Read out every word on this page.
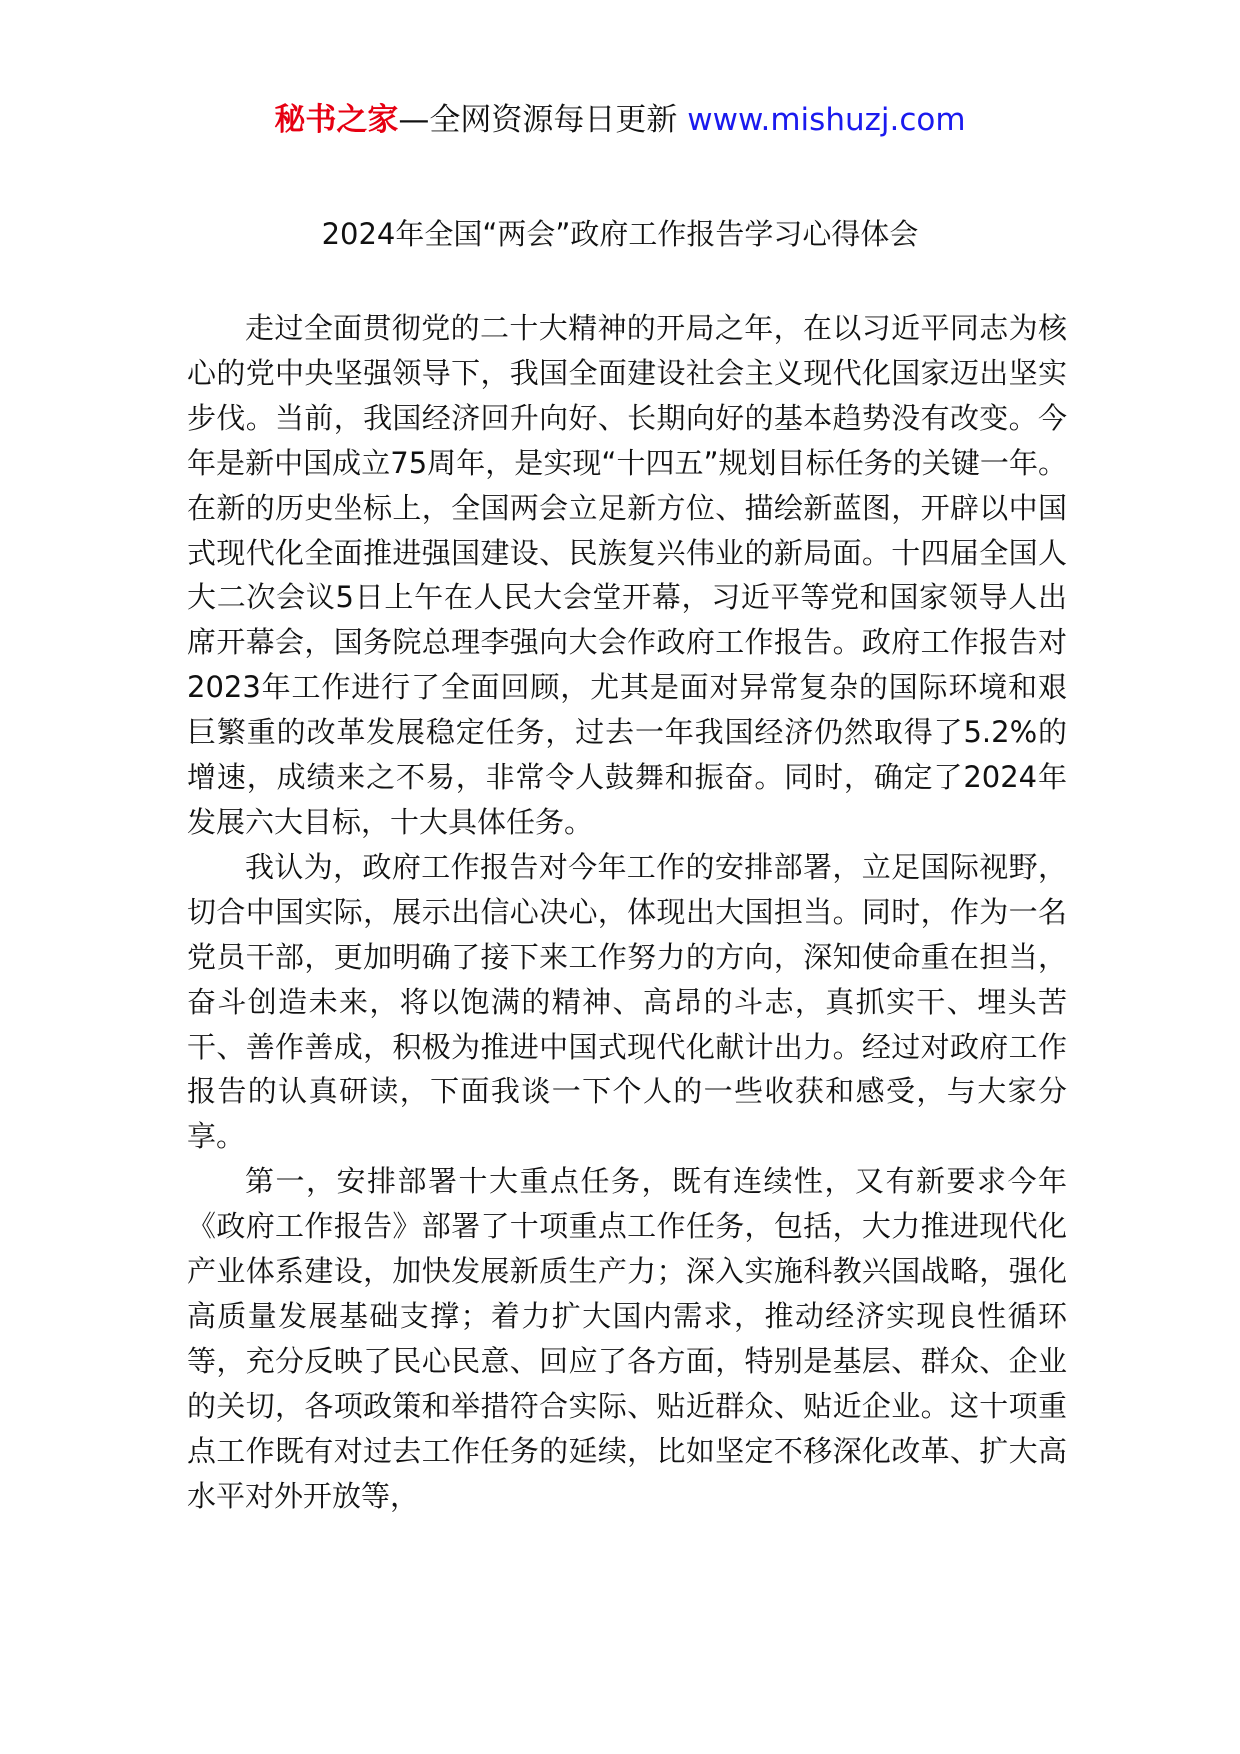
秘书之家—全网资源每日更新 www.mishuzj.com
2024年全国“两会”政府工作报告学习心得体会

走过全面贯彻党的二十大精神的开局之年，在以习近平同志为核心的党中央坚强领导下，我国全面建设社会主义现代化国家迈出坚实步伐。当前，我国经济回升向好、长期向好的基本趋势没有改变。今年是新中国成立75周年，是实现“十四五”规划目标任务的关键一年。在新的历史坐标上，全国两会立足新方位、描绘新蓝图，开辟以中国式现代化全面推进强国建设、民族复兴伟业的新局面。十四届全国人大二次会议5日上午在人民大会堂开幕，习近平等党和国家领导人出席开幕会，国务院总理李强向大会作政府工作报告。政府工作报告对2023年工作进行了全面回顾，尤其是面对异常复杂的国际环境和艰巨繁重的改革发展稳定任务，过去一年我国经济仍然取得了5.2%的增速，成绩来之不易，非常令人鼓舞和振奋。同时，确定了2024年发展六大目标，十大具体任务。

我认为，政府工作报告对今年工作的安排部署，立足国际视野，切合中国实际，展示出信心决心，体现出大国担当。同时，作为一名党员干部，更加明确了接下来工作努力的方向，深知使命重在担当，奋斗创造未来，将以饱满的精神、高昂的斗志，真抓实干、埋头苦干、善作善成，积极为推进中国式现代化献计出力。经过对政府工作报告的认真研读，下面我谈一下个人的一些收获和感受，与大家分享。

第一，安排部署十大重点任务，既有连续性，又有新要求今年《政府工作报告》部署了十项重点工作任务，包括，大力推进现代化产业体系建设，加快发展新质生产力；深入实施科教兴国战略，强化高质量发展基础支撑；着力扩大国内需求，推动经济实现良性循环等，充分反映了民心民意、回应了各方面，特别是基层、群众、企业的关切，各项政策和举措符合实际、贴近群众、贴近企业。这十项重点工作既有对过去工作任务的延续，比如坚定不移深化改革、扩大高水平对外开放等，
